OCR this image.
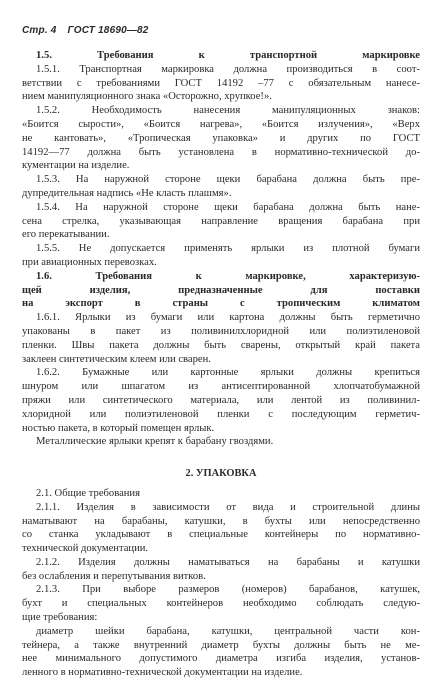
Стр. 4 ГОСТ 18690—82
1.5. Требования к транспортной маркировке
1.5.1. Транспортная маркировка должна производиться в соот-
ветствии с требованиями ГОСТ 14192 –77 с обязательным нанесе-
нием манипуляционного знака «Осторожно, хрупкое!».
1.5.2. Необходимость нанесения манипуляционных знаков:
«Боится сырости», «Боится нагрева», «Боится излучения», «Верх
не кантовать», «Тропическая упаковка» и других по ГОСТ
14192—77 должна быть установлена в нормативно-технической до-
кументации на изделие.
1.5.3. На наружной стороне щеки барабана должна быть пре-
дупредительная надпись «Не класть плашмя».
1.5.4. На наружной стороне щеки барабана должна быть нане-
сена стрелка, указывающая направление вращения барабана при
его перекатывании.
1.5.5. Не допускается применять ярлыки из плотной бумаги
при авиационных перевозках.
1.6. Требования к маркировке, характеризую-
щей изделия, предназначенные для поставки
на экспорт в страны с тропическим климатом
1.6.1. Ярлыки из бумаги или картона должны быть герметично
упакованы в пакет из поливинилхлоридной или полиэтиленовой
пленки. Швы пакета должны быть сварены, открытый край пакета
заклеен синтетическим клеем или сварен.
1.6.2. Бумажные или картонные ярлыки должны крепиться
шнуром или шпагатом из антисептированной хлопчатобумажной
пряжи или синтетического материала, или лентой из поливинил-
хлоридной или полиэтиленовой пленки с последующим герметич-
ностью пакета, в который помещен ярлык.
Металлические ярлыки крепят к барабану гвоздями.
2. УПАКОВКА
2.1. Общие требования
2.1.1. Изделия в зависимости от вида и строительной длины
наматывают на барабаны, катушки, в бухты или непосредственно
со станка укладывают в специальные контейнеры по нормативно-
технической документации.
2.1.2. Изделия должны наматываться на барабаны и катушки
без ослабления и перепутывания витков.
2.1.3. При выборе размеров (номеров) барабанов, катушек,
бухт и специальных контейнеров необходимо соблюдать следую-
щие требования:
диаметр шейки барабана, катушки, центральной части кон-
тейнера, а также внутренний диаметр бухты должны быть не ме-
нее минимального допустимого диаметра изгиба изделия, установ-
ленного в нормативно-технической документации на изделие.
